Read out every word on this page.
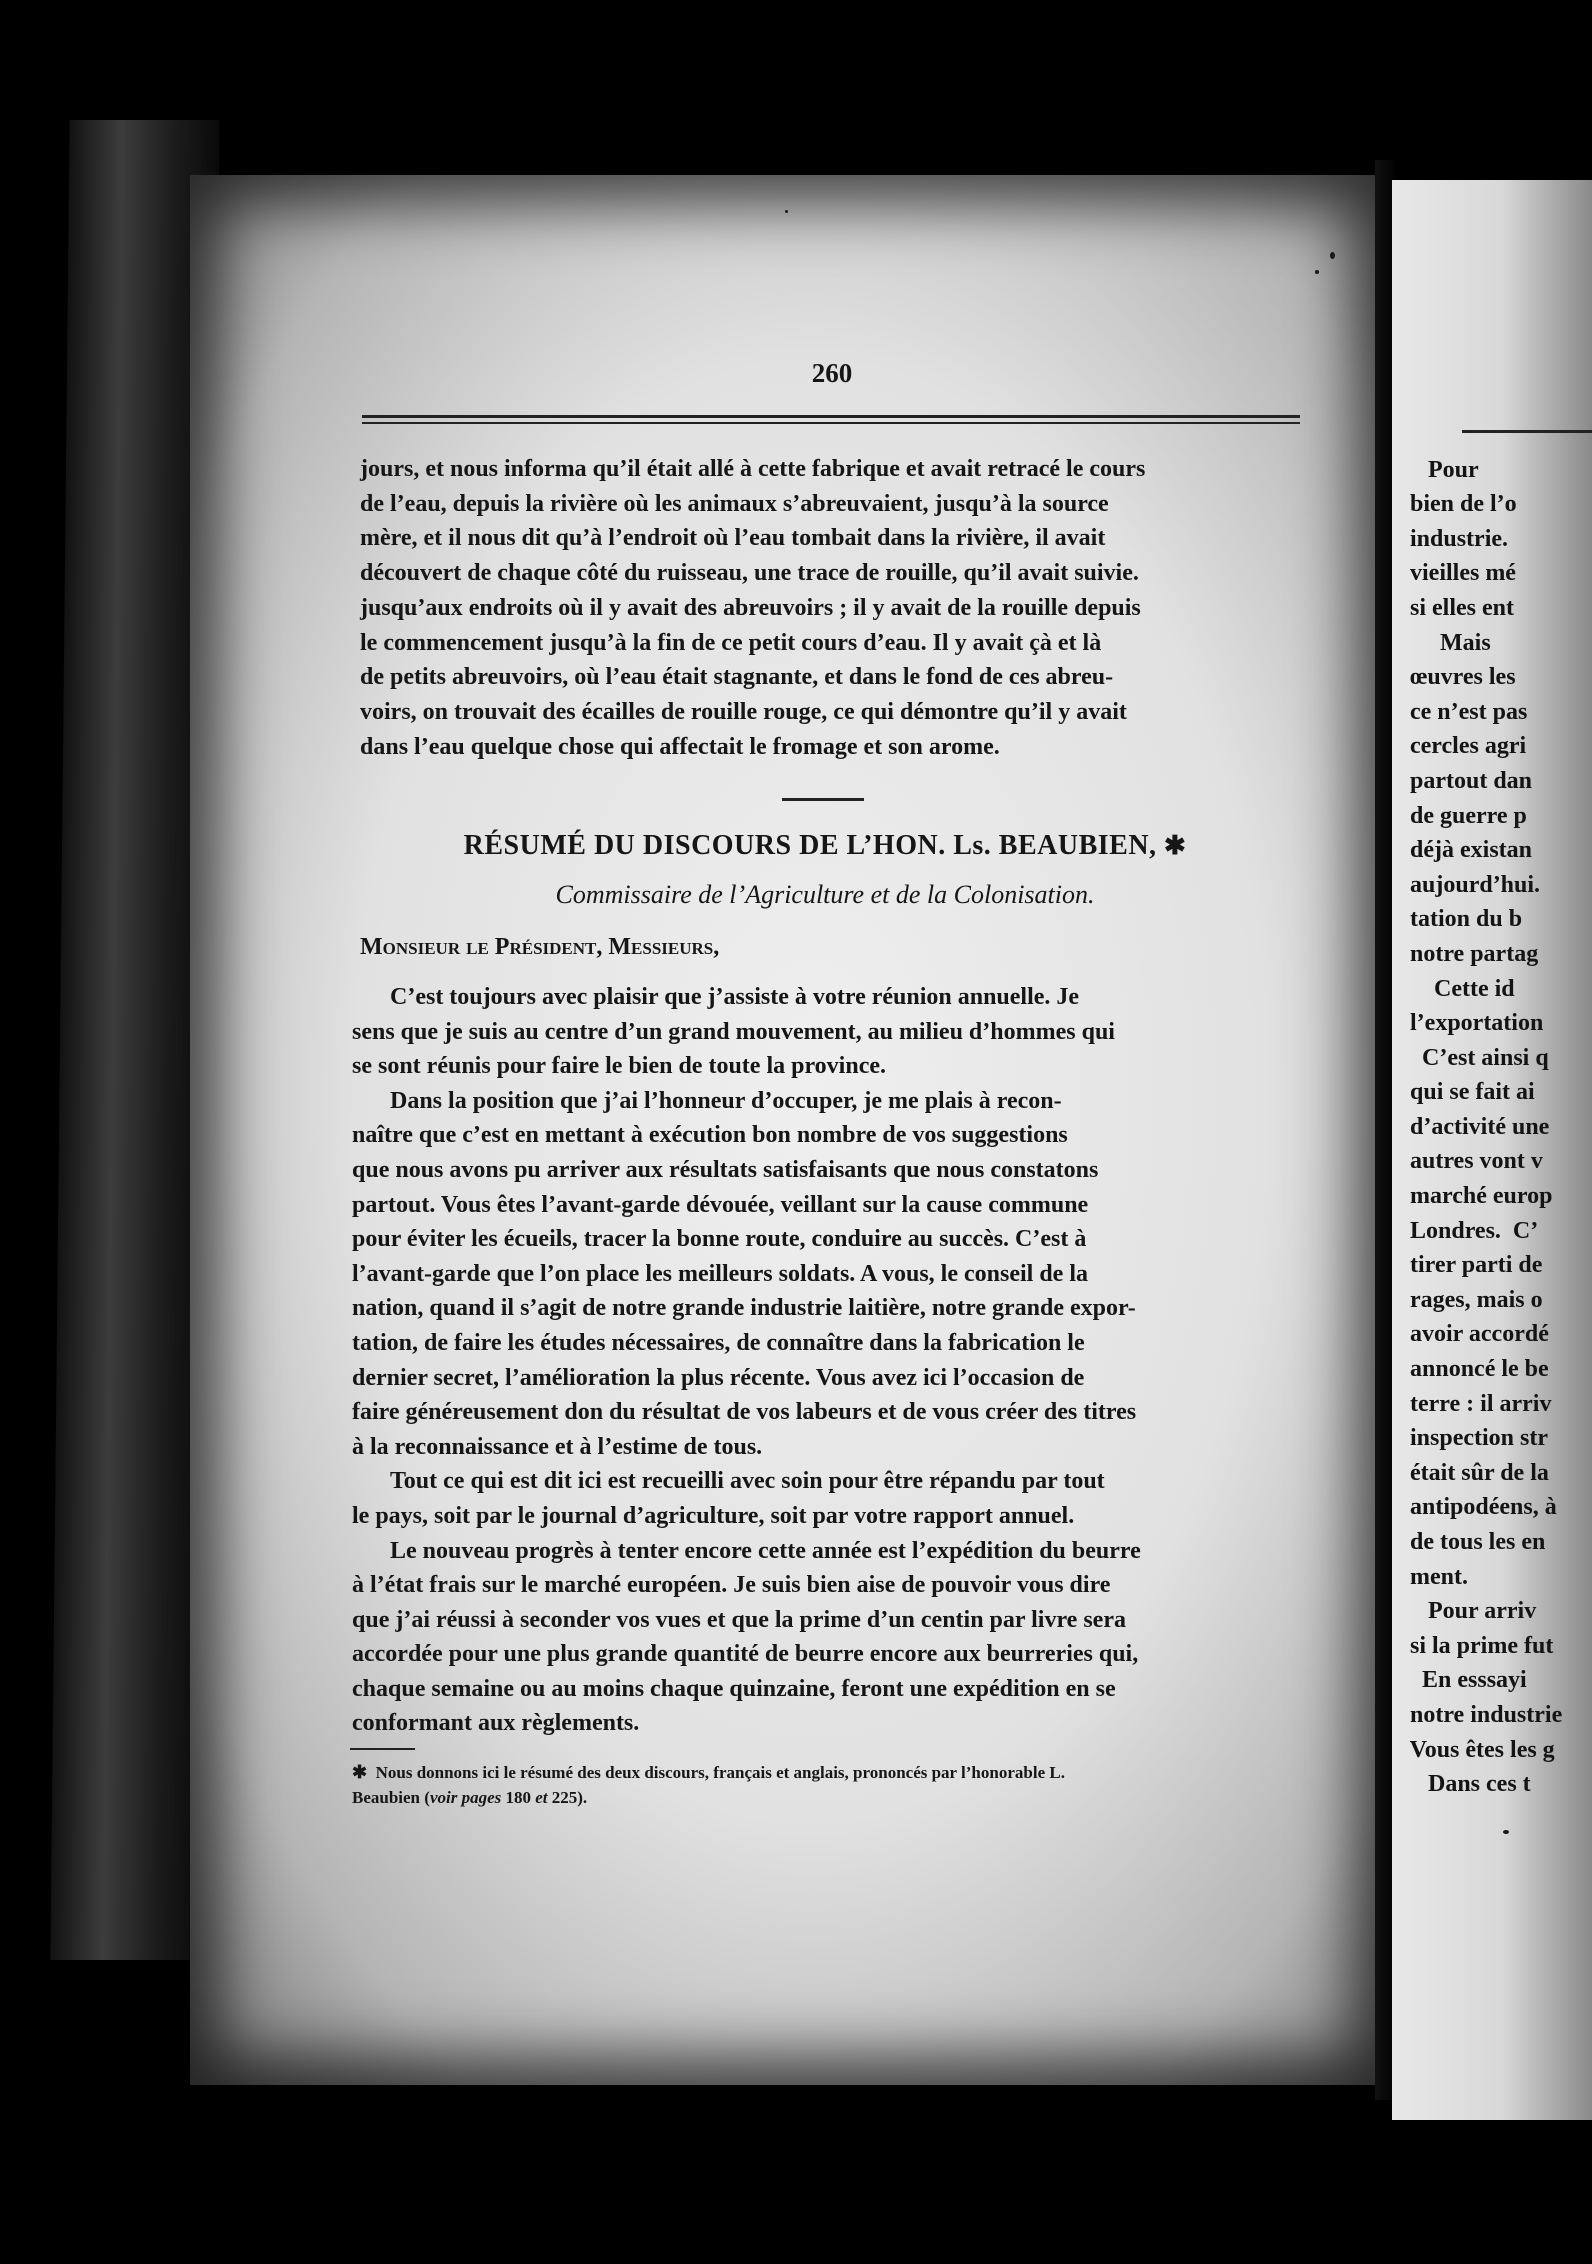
260
jours, et nous informa qu’il était allé à cette fabrique et avait retracé le cours
de l’eau, depuis la rivière où les animaux s’abreuvaient, jusqu’à la source
mère, et il nous dit qu’à l’endroit où l’eau tombait dans la rivière, il avait
découvert de chaque côté du ruisseau, une trace de rouille, qu’il avait suivie.
jusqu’aux endroits où il y avait des abreuvoirs ; il y avait de la rouille depuis
le commencement jusqu’à la fin de ce petit cours d’eau. Il y avait çà et là
de petits abreuvoirs, où l’eau était stagnante, et dans le fond de ces abreu-
voirs, on trouvait des écailles de rouille rouge, ce qui démontre qu’il y avait
dans l’eau quelque chose qui affectait le fromage et son arome.
RÉSUMÉ DU DISCOURS DE L’HON. Ls. BEAUBIEN, ✱
Commissaire de l’Agriculture et de la Colonisation.
Monsieur le Président, Messieurs,
C’est toujours avec plaisir que j’assiste à votre réunion annuelle. Je
sens que je suis au centre d’un grand mouvement, au milieu d’hommes qui
se sont réunis pour faire le bien de toute la province.
Dans la position que j’ai l’honneur d’occuper, je me plais à recon-
naître que c’est en mettant à exécution bon nombre de vos suggestions
que nous avons pu arriver aux résultats satisfaisants que nous constatons
partout. Vous êtes l’avant-garde dévouée, veillant sur la cause commune
pour éviter les écueils, tracer la bonne route, conduire au succès. C’est à
l’avant-garde que l’on place les meilleurs soldats. A vous, le conseil de la
nation, quand il s’agit de notre grande industrie laitière, notre grande expor-
tation, de faire les études nécessaires, de connaître dans la fabrication le
dernier secret, l’amélioration la plus récente. Vous avez ici l’occasion de
faire généreusement don du résultat de vos labeurs et de vous créer des titres
à la reconnaissance et à l’estime de tous.
Tout ce qui est dit ici est recueilli avec soin pour être répandu par tout
le pays, soit par le journal d’agriculture, soit par votre rapport annuel.
Le nouveau progrès à tenter encore cette année est l’expédition du beurre
à l’état frais sur le marché européen. Je suis bien aise de pouvoir vous dire
que j’ai réussi à seconder vos vues et que la prime d’un centin par livre sera
accordée pour une plus grande quantité de beurre encore aux beurreries qui,
chaque semaine ou au moins chaque quinzaine, feront une expédition en se
conformant aux règlements.
✱ Nous donnons ici le résumé des deux discours, français et anglais, prononcés par l’honorable L.
Beaubien (voir pages 180 et 225).

Pour
bien de l’o
industrie.
vieilles mé
si elles ent
Mais
œuvres les
ce n’est pas
cercles agri
partout dan
de guerre p
déjà existan
aujourd’hui.
tation du b
notre partag
Cette id
l’exportation
C’est ainsi q
qui se fait ai
d’activité une
autres vont v
marché europ
Londres.  C’
tirer parti de
rages, mais o
avoir accordé
annoncé le be
terre : il arriv
inspection str
était sûr de la
antipodéens, à
de tous les en
ment.
Pour arriv
si la prime fut
En esssayi
notre industrie
Vous êtes les g
Dans ces t
